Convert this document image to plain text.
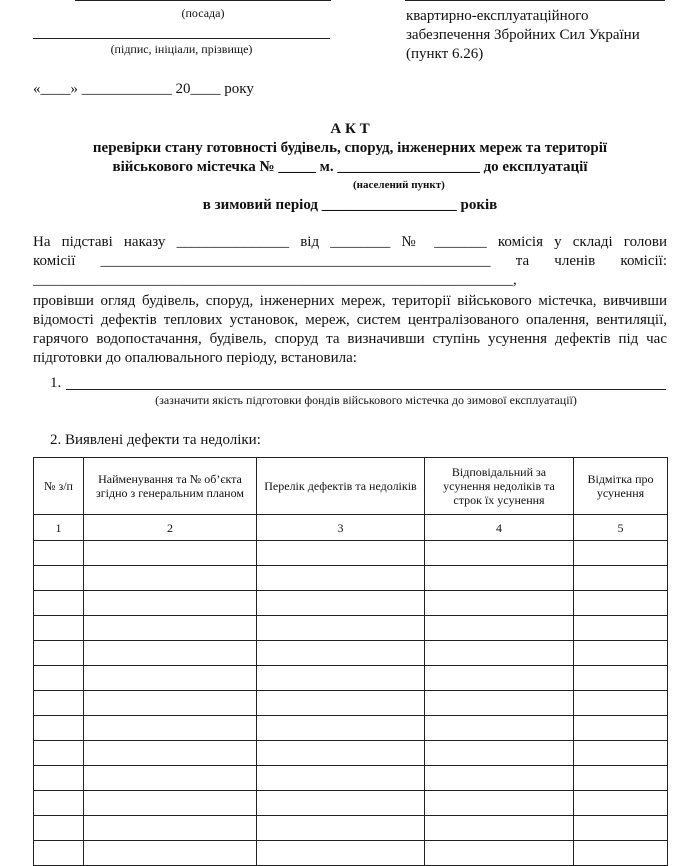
(посада)
(підпис, ініціали, прізвище)
квартирно-експлуатаційного
забезпечення Збройних Сил України
(пункт 6.26)
«____» ____________ 20____ року
А К Т
перевірки стану готовності будівель, споруд, інженерних мереж та території
військового містечка № _____ м. ___________________ до експлуатації
(населений пункт)
в зимовий період __________________ років
На підставі наказу _______________ від ________ № _______ комісія у складі голови
комісії ____________________________________________________ та членів комісії:
________________________________________________________________,
провівши огляд будівель, споруд, інженерних мереж, території військового містечка, вивчивши відомості дефектів теплових установок, мереж, систем централізованого опалення, вентиляції, гарячого водопостачання, будівель, споруд та визначивши ступінь усунення дефектів під час підготовки до опалювального періоду, встановила:
1.
(зазначити якість підготовки фондів військового містечка до зимової експлуатації)
2. Виявлені дефекти та недоліки:
№ з/п	Найменування та № об’єкта згідно з генеральним планом	Перелік дефектів та недоліків	Відповідальний за усунення недоліків та строк їх усунення	Відмітка про усунення
1	2	3	4	5
